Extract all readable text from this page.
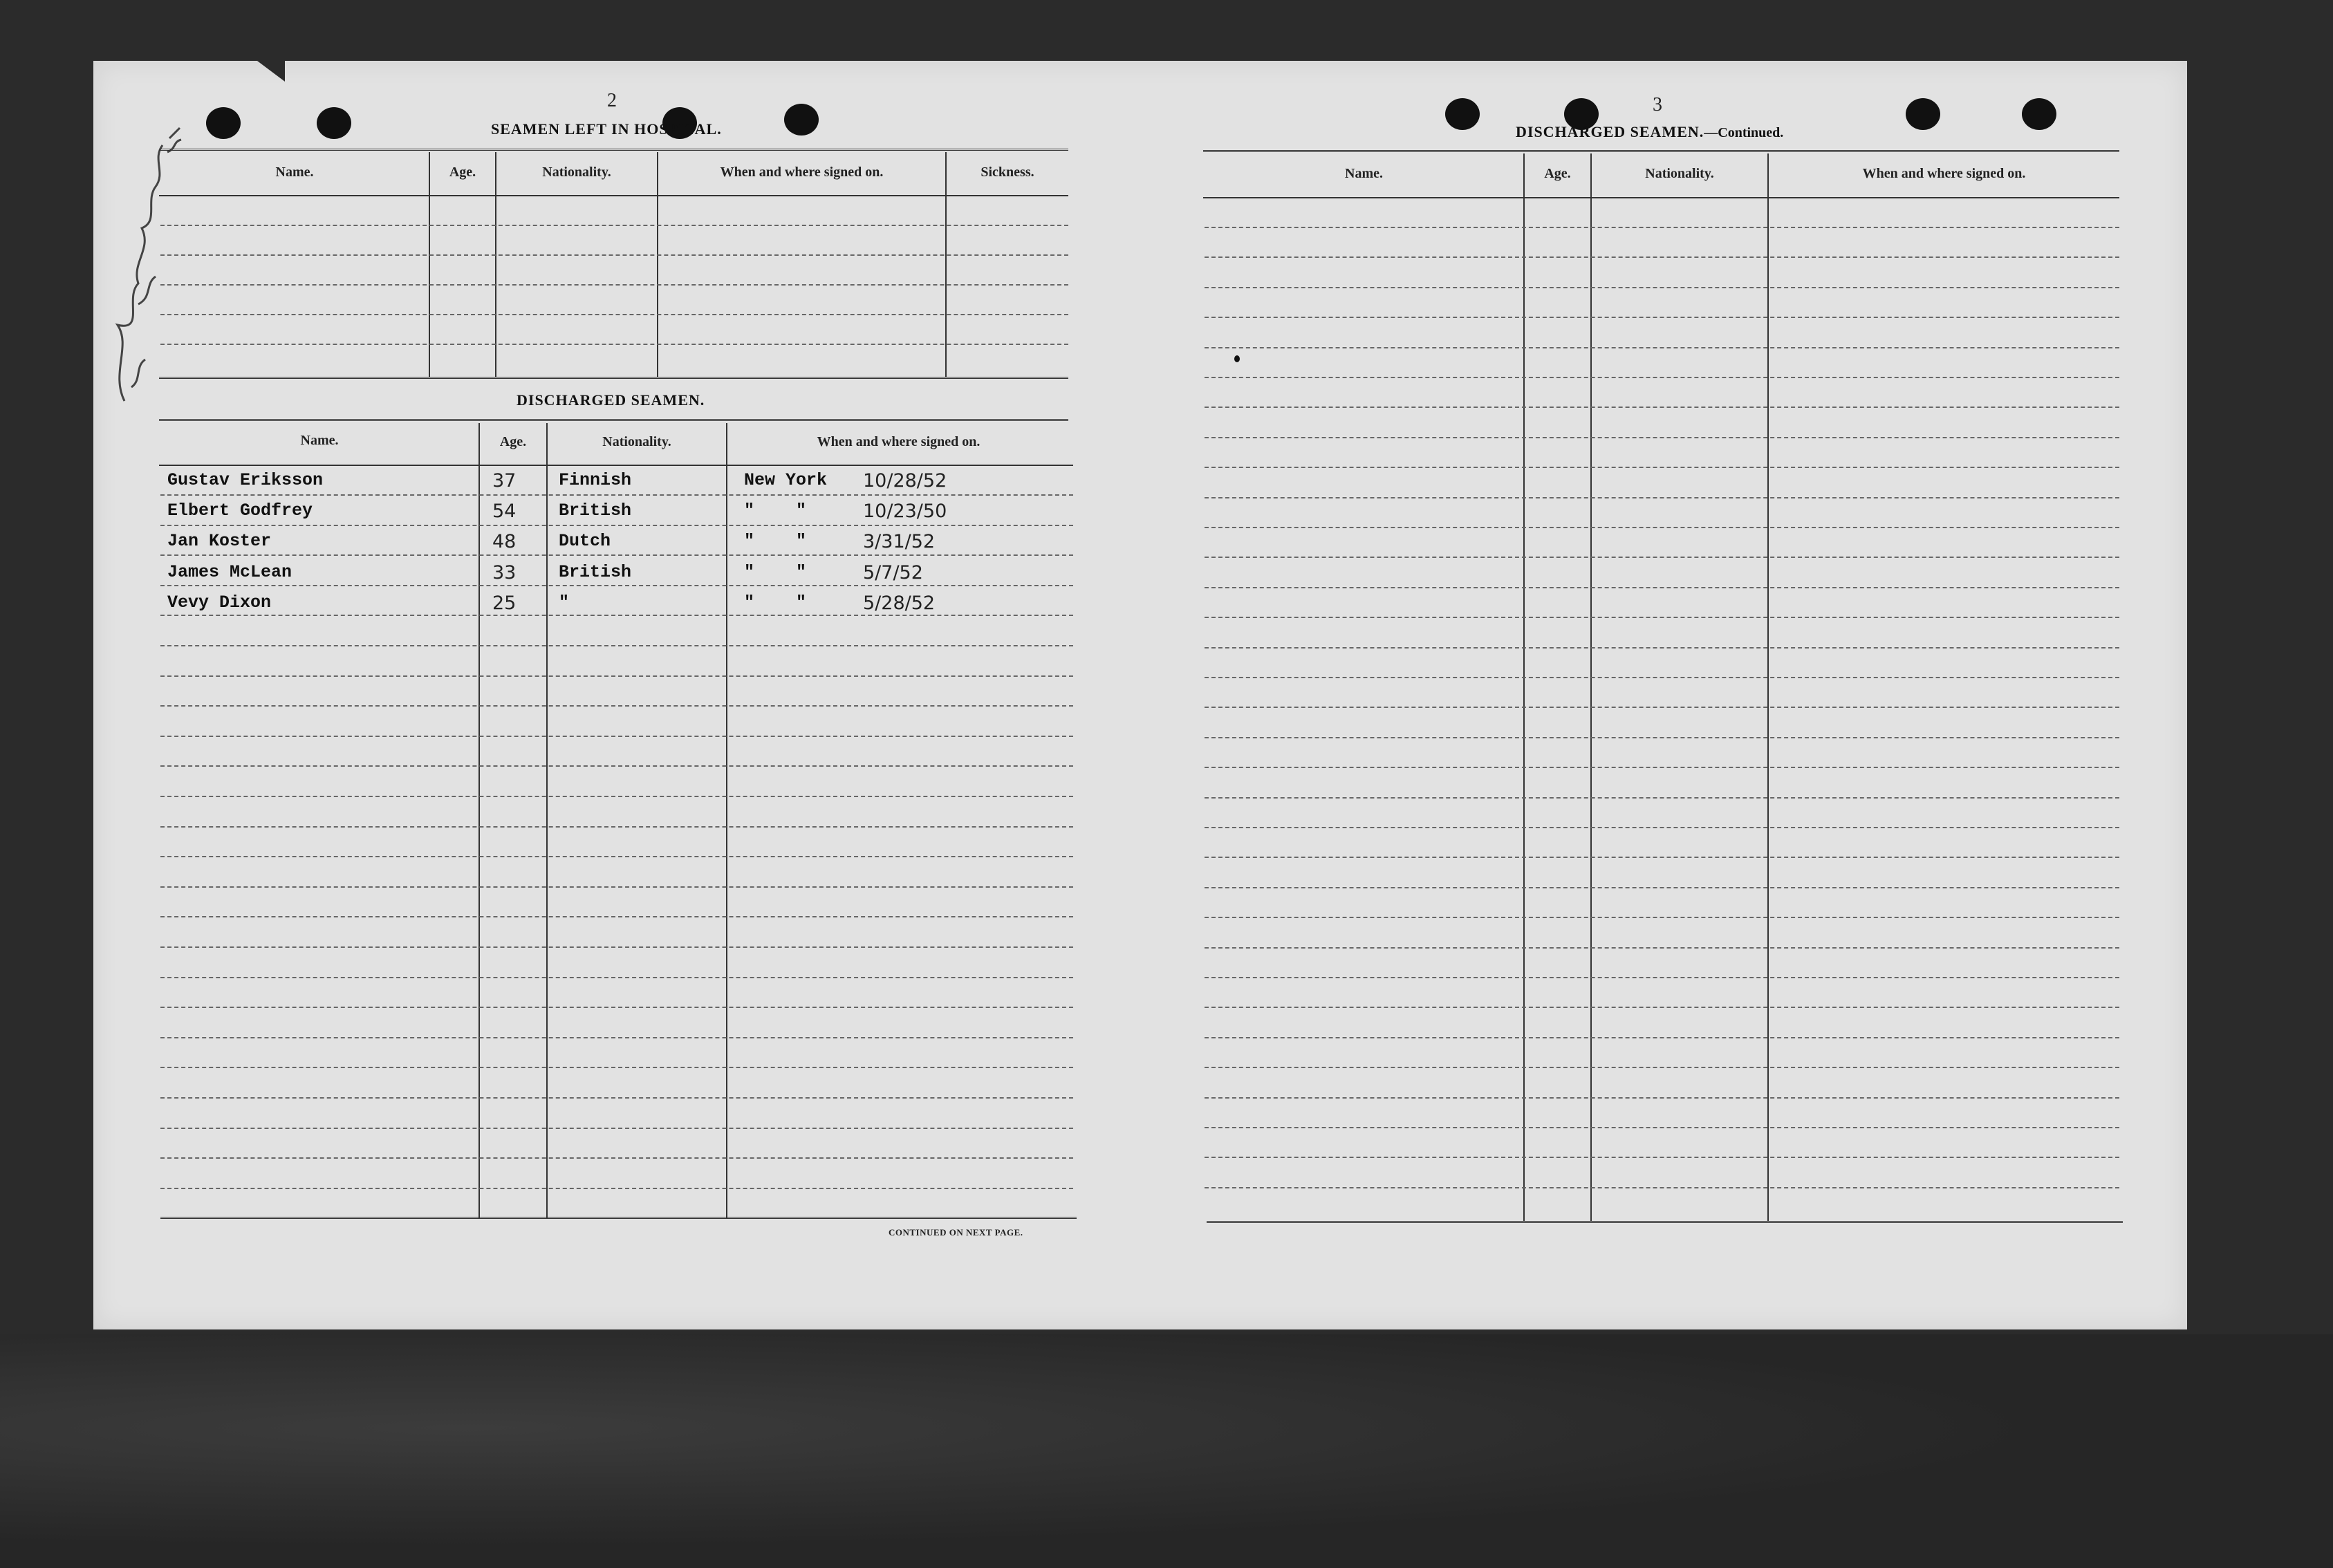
2
SEAMEN LEFT IN HOSPITAL.
Name.	Age.	Nationality.	When and where signed on.	Sickness.
DISCHARGED SEAMEN.
Name.	Age.	Nationality.	When and where signed on.
Gustav Eriksson	37 Finnish	New York 10/28/52
Elbert Godfrey	54 British	"    "	10/23/50
Jan Koster	48 Dutch	"    "	3/31/52
James McLean	33 British	"    "	5/7/52
Vevy Dixon	25 "	"    "	5/28/52
CONTINUED ON NEXT PAGE.
3
DISCHARGED SEAMEN.—Continued.
Name.	Age.	Nationality.	When and where signed on.
